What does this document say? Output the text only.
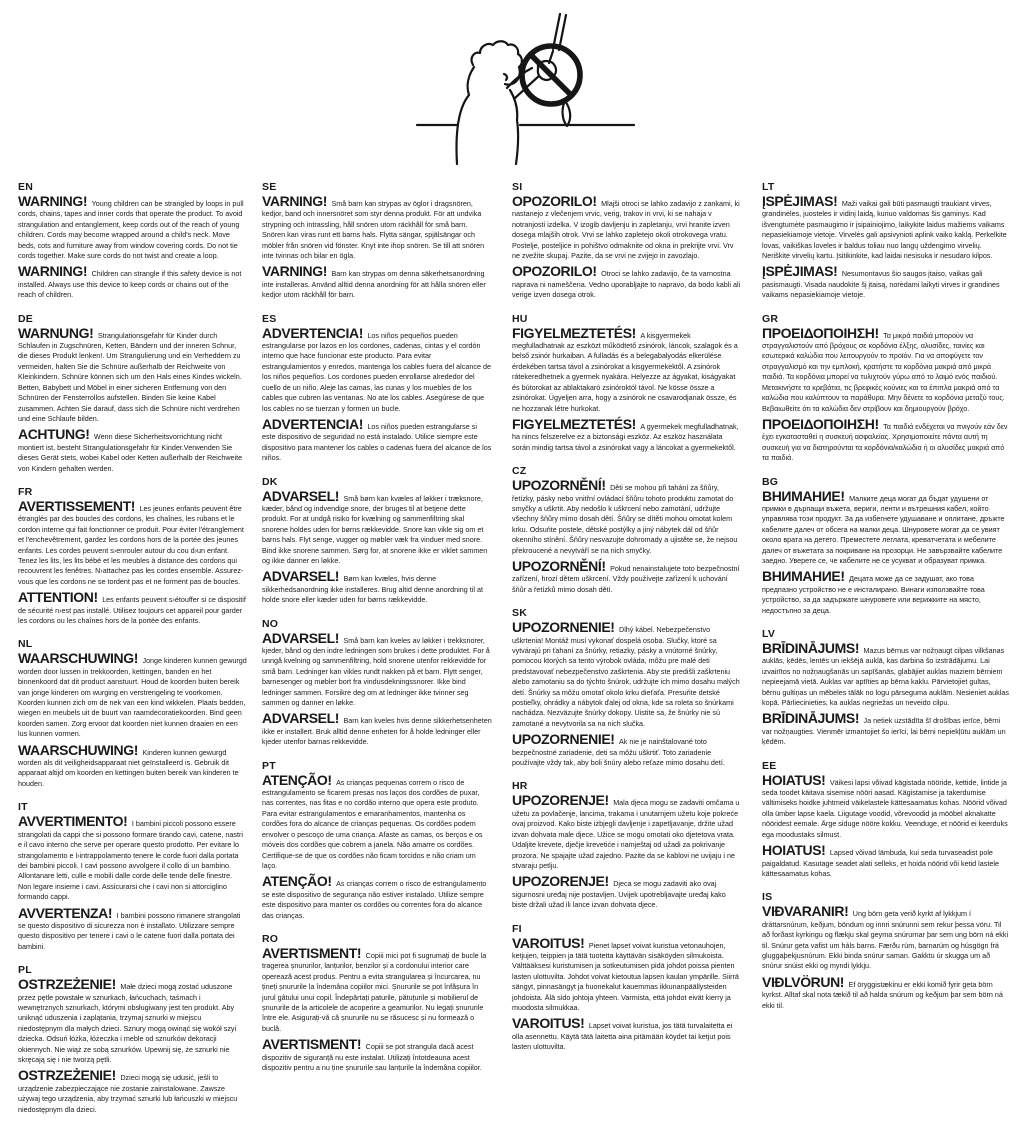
EN

WARNING! Young children can be strangled by loops in pull cords, chains, tapes and inner cords that operate the product. To avoid strangulation and entanglement, keep cords out of the reach of young children. Cords may become wrapped around a child's neck. Move beds, cots and furniture away from window covering cords. Do not tie cords together. Make sure cords do not twist and create a loop.

WARNING! Children can strangle if this safety device is not installed. Always use this device to keep cords or chains out of the reach of children.

DE

WARNUNG! Strangulationsgefahr für Kinder durch Schlaufen in Zugschnüren, Ketten, Bändern und der inneren Schnur, die dieses Produkt lenken!. Um Strangulierung und ein Verheddern zu vermeiden, halten Sie die Schnüre außerhalb der Reichweite von Kleinkindern. Schnüre können sich um den Hals eines Kindes wickeln. Betten, Babybett und Möbel in einer sicheren Entfernung von den Schnüren der Fensterrollos aufstellen. Binden Sie keine Kabel zusammen. Achten Sie darauf, dass sich die Schnüre nicht verdrehen und eine Schlaufe bilden.

ACHTUNG! Wenn diese Sicherheitsvorrichtung nicht montiert ist, besteht Strangulationsgefahr für Kinder.Verwenden Sie dieses Gerät stets, wobei Kabel oder Ketten außerhalb der Reichweite von Kindern gehalten werden.

FR

AVERTISSEMENT! Les jeunes enfants peuvent être étranglés par des boucles des cordons, les chaînes, les rubans et le cordon interne qui fait fonctionner ce produit. Pour éviter l'étranglement et l'enchevêtrement, gardez les cordons hors de la portée des jeunes enfants. Les cordes peuvent s›enrouler autour du cou d›un enfant. Tenez les lits, les lits bébé et les meubles à distance des cordons qui recouvrent les fenêtres. N›attachez pas les cordes ensemble. Assurez-vous que les cordons ne se tordent pas et ne forment pas de boucles.

ATTENTION! Les enfants peuvent s›étouffer si ce dispositif de sécurité n›est pas installé. Utilisez toujours cet appareil pour garder les cordons ou les chaînes hors de la portée des enfants.

NL

WAARSCHUWING! Jonge kinderen kunnen gewurgd worden door lussen in trekkoorden, kettingen, banden en het binnenkoord dat dit product aanstuurt. Houd de koorden buiten bereik van jonge kinderen om wurging en verstrengeling te voorkomen. Koorden kunnen zich om de nek van een kind wikkelen. Plaats bedden, wiegen en meubels uit de buurt van raamdecoratiekoorden. Bind geen koorden samen. Zorg ervoor dat koorden niet kunnen draaien en een lus kunnen vormen.

WAARSCHUWING! Kinderen kunnen gewurgd worden als dit veiligheidsapparaat niet geïnstalleerd is. Gebruik dit apparaat altijd om koorden en kettingen buiten bereik van kinderen te houden.

IT

AVVERTIMENTO! I bambini piccoli possono essere strangolati da cappi che si possono formare tirando cavi, catene, nastri e il cavo interno che serve per operare questo prodotto. Per evitare lo strangolamento e l›intrappolamento tenere le corde fuori dalla portata dei bambini piccoli. I cavi possono avvolgere il collo di un bambino. Allontanare letti, culle e mobili dalle corde delle tende delle finestre. Non legare insieme i cavi. Assicurarsi che i cavi non si attorciglino formando cappi.

AVVERTENZA! I bambini possono rimanere strangolati se questo dispositivo di sicurezza non è installato. Utilizzare sempre questo dispositivo per tenere i cavi o le catene fuori dalla portata dei bambini.

PL

OSTRZEŻENIE! Małe dzieci mogą zostać uduszone przez pętle powstałe w sznurkach, łańcuchach, taśmach i wewnętrznych sznurkach, którymi obsługiwany jest ten produkt. Aby uniknąć uduszenia i zaplątania, trzymaj sznurki w miejscu niedostępnym dla małych dzieci. Sznury mogą owinąć się wokół szyi dziecka. Odsuń łóżka, łóżeczka i meble od sznurków dekoracji okiennych. Nie wiąż ze sobą sznurków. Upewnij się, że sznurki nie skręcają się i nie tworzą pętli.

OSTRZEŻENIE! Dzieci mogą się udusić, jeśli to urządzenie zabezpieczające nie zostanie zainstalowane. Zawsze używaj tego urządzenia, aby trzymać sznurki lub łańcuszki w miejscu niedostępnym dla dzieci.

SE

VARNING! Små barn kan strypas av öglor i dragsnören, kedjor, band och innersnöret som styr denna produkt. För att undvika strypning och intrassling, håll snören utom räckhåll för små barn. Snören kan viras runt ett barns hals. Flytta sängar, spjälsängar och möbler från snören vid fönster. Knyt inte ihop snören. Se till att snören inte tvinnas och bilar en ögla.

VARNING! Barn kan strypas om denna säkerhetsanordning inte installeras. Använd alltid denna anordning för att hålla snören eller kedjor utom räckhåll för barn.

ES

ADVERTENCIA! Los niños pequeños pueden estrangularse por lazos en los cordones, cadenas, cintas y el cordón interno que hace funcionar este producto. Para evitar estrangulamientos y enredos, mantenga los cables fuera del alcance de los niños pequeños. Los cordones pueden enrollarse alrededor del cuello de un niño. Aleje las camas, las cunas y los muebles de los cables que cubren las ventanas. No ate los cables. Asegúrese de que los cables no se tuerzan y formen un bucle.

ADVERTENCIA! Los niños pueden estrangularse si este dispositivo de seguridad no está instalado. Utilice siempre este dispositivo para mantener los cables o cadenas fuera del alcance de los niños.

DK

ADVARSEL! Små børn kan kvæles af løkker i træksnore, kæder, bånd og indvendige snore, der bruges til at betjene dette produkt. For at undgå risiko for kvælning og sammenfiltring skal snorene holdes uden for børns rækkevidde. Snore kan vikle sig om et barns hals. Flyt senge, vugger og møbler væk fra vinduer med snore. Bind ikke snorene sammen. Sørg for, at snorene ikke er viklet sammen og ikke danner en løkke.

ADVARSEL! Børn kan kvæles, hvis denne sikkerhedsanordning ikke installeres. Brug altid denne anordning til at holde snore eller kæder uden for børns rækkevidde.

NO

ADVARSEL! Små barn kan kveles av løkker i trekksnorer, kjeder, bånd og den indre ledningen som brukes i dette produktet. For å unngå kvelning og sammenfiltring, hold snorene utenfor rekkevidde for små barn. Ledninger kan vikles rundt nakken på et barn. Flytt senger, barnesenger og møbler bort fra vindusdekningssnorer. Ikke bind ledninger sammen. Forsikre deg om at ledninger ikke tvinner seg sammen og danner en løkke.

ADVARSEL! Barn kan kveles hvis denne sikkerhetsenheten ikke er installert. Bruk alltid denne enheten for å holde ledninger eller kjeder utenfor barnas rekkevidde.

PT

ATENÇÃO! As crianças pequenas correm o risco de estrangulamento se ficarem presas nos laços dos cordões de puxar, nas correntes, nas fitas e no cordão interno que opera este produto. Para evitar estrangulamentos e emaranhamentos, mantenha os cordões fora do alcance de crianças pequenas. Os cordões podem envolver o pescoço de uma criança. Afaste as camas, os berços e os móveis dos cordões que cobrem a janela. Não amarre os cordões. Certifique-se de que os cordões não ficam torcidos e não criam um laço.

ATENÇÃO! As crianças correm o risco de estrangulamento se este dispositivo de segurança não estiver instalado. Utilize sempre este dispositivo para manter os cordões ou correntes fora do alcance das crianças.

RO

AVERTISMENT! Copiii mici pot fi sugrumați de bucle la tragerea șnururilor, lanțurilor, benzilor și a cordonului interior care operează acest produs. Pentru a evita strangularea și încurcarea, nu țineți șnururile la îndemâna copiilor mici. Șnururile se pot înfășura în jurul gâtului unui copil. Îndepărtați paturile, pătuțurile și mobilierul de șnururile de la articolele de acoperire a geamurilor. Nu legați șnururile între ele. Asigurați-vă că șnururile nu se răsucesc și nu formează o buclă.

AVERTISMENT! Copiii se pot strangula dacă acest dispozitiv de siguranță nu este instalat. Utilizați întotdeauna acest dispozitiv pentru a nu ține șnururile sau lanțurile la îndemâna copiilor.

SI

OPOZORILO! Mlajši otroci se lahko zadavijo z zankami, ki nastanejo z vlečenjem vrvic, verig, trakov in vrvi, ki se nahaja v notranjosti izdelka. V izogib davljenju in zapletanju, vrvi hranite izven dosega mlajših otrok. Vrvi se lahko zapletejo okoli otrokovega vratu. Postelje, posteljice in pohištvo odmaknite od okna in prekrijte vrvi. Vrv ne zvežite skupaj. Pazite, da se vrvi ne zvijejo in zavozlajo.

OPOZORILO! Otroci se lahko zadavijo, če ta varnostna naprava ni nameščena. Vedno uporabljajte to napravo, da bodo kabli ali verige izven dosega otrok.

HU

FIGYELMEZTETÉS! A kisgyermekek megfulladhatnak az eszközt működtető zsinórok, láncok, szalagok és a belső zsinór hurkaiban. A fulladás és a belegabalyodás elkerülése érdekében tartsa távol a zsinórokat a kisgyermekektől. A zsinórok rátekeredhetnek a gyermek nyakára. Helyezze az ágyakat, kiságyakat és bútorokat az ablaktakaró zsinóroktól távol. Ne kösse össze a zsinórokat. Ügyeljen arra, hogy a zsinórok ne csavarodjanak össze, és ne hozzanak létre hurkokat.

FIGYELMEZTETÉS! A gyermekek megfulladhatnak, ha nincs felszerelve ez a biztonsági eszköz. Az eszköz használata során mindig tartsa távol a zsinórokat vagy a láncokat a gyermekektől.

CZ

UPOZORNĚNÍ! Děti se mohou při tahání za šňůry, řetízky, pásky nebo vnitřní ovládací šňůru tohoto produktu zamotat do smyčky a uškrtit. Aby nedošlo k uškrcení nebo zamotání, udržujte všechny šňůry mimo dosah dětí. Šňůry se dítěti mohou omotat kolem krku. Odsuňte postele, dětské postýlky a jiný nábytek dál od šňůr okenního stínění. Šňůry nesvazujte dohromady a ujistěte se, že nejsou překroucené a nevytváří se na nich smyčky.

UPOZORNĚNÍ! Pokud nenainstalujete toto bezpečnostní zařízení, hrozí dětem uškrcení. Vždy používejte zařízení k uchování šňůr a řetízků mimo dosah dětí.

SK

UPOZORNENIE! Dlhý kábel. Nebezpečenstvo uškrtenia! Montáž musí vykonať dospelá osoba. Slučky, ktoré sa vytvárajú pri ťahaní za šnúrky, retiazky, pásky a vnútorné šnúrky, pomocou ktorých sa tento výrobok ovláda, môžu pre malé deti predstavovať nebezpečenstvo zaškrtenia. Aby ste predišli zaškrteniu alebo zamotaniu sa do týchto šnúrok, udržujte ich mimo dosahu malých detí. Šnúrky sa môžu omotať okolo krku dieťaťa. Presuňte detské postieľky, ohrádky a nábytok ďalej od okna, kde sa roleta so šnúrkami nachádza. Nezväzujte šnúrky dokopy. Uistite sa, že šnúrky nie sú zamotané a nevytvorila sa na nich slučka.

UPOZORNENIE! Ak nie je nainštalované toto bezpečnostné zariadenie, deti sa môžu uškrtiť. Toto zariadenie používajte vždy tak, aby boli šnúry alebo reťaze mimo dosahu detí.

HR

UPOZORENJE! Mala djeca mogu se zadaviti omčama u užetu za povlačenje, lancima, trakama i unutarnjem užetu koje pokreće ovaj proizvod. Kako biste izbjegli davljenje i zapetljavanje, držite užad izvan dohvata male djece. Užice se mogu omotati oko djetetova vrata. Udaljite krevete, dječje krevetiće i namještaj od užadi za pokrivanje prozora. Ne spajajte užad zajedno. Pazite da se kablovi ne uvijaju i ne stvaraju petlju.

UPOZORENJE! Djeca se mogu zadaviti ako ovaj sigurnosni uređaj nije postavljen. Uvijek upotrebljavajte uređaj kako biste držali užad ili lance izvan dohvata djece.

FI

VAROITUS! Pienet lapset voivat kuristua vetonauhojen, ketjujen, teippien ja tätä tuotetta käyttävän sisäköyden silmukoista. Välttääksesi kuristumisen ja sotkeutumisen pidä johdot poissa pienten lasten ulottuvilta. Johdot voivat kietoutua lapsen kaulan ympärille. Siirrä sängyt, pinnasängyt ja huonekalut kauemmas ikkunanpäällysteiden johdoista. Älä sido johtoja yhteen. Varmista, että johdot eivät kierry ja muodosta silmukkaa.

VAROITUS! Lapset voivat kuristua, jos tätä turvalaitetta ei olla asennettu. Käytä tätä laitetta aina pitämään köydet tai ketjut pois lasten ulottuvilta.

LT

ĮSPĖJIMAS! Maži vaikai gali būti pasmaugti traukiant virves, grandinėles, juosteles ir vidinį laidą, kuriuo valdomas šis gaminys. Kad išvengtumėte pasmaugimo ir įsipainiojimo, laikykite laidus mažiems vaikams nepasiekiamoje vietoje. Virvelės gali apsivynioti aplink vaiko kaklą. Perkelkite lovas, vaikiškas loveles ir baldus toliau nuo langų uždengimo virvelių. Neriškite virvelių kartu. Įsitikinkite, kad laidai nesisuka ir nesudaro kilpos.

ĮSPĖJIMAS! Nesumontavus šio saugos įtaiso, vaikas gali pasismaugti. Visada naudokite šį įtaisą, norėdami laikyti virves ir grandines vaikams nepasiekiamoje vietoje.

GR

ΠΡΟΕΙΔΟΠΟΙΗΣΗ! Τα μικρά παιδιά μπορούν να στραγγαλιστούν από βρόχους σε κορδόνια έλξης, αλυσίδες, ταινίες και εσωτερικά καλώδια που λειτουργούν το προϊόν. Για να αποφύγετε τον στραγγαλισμό και την εμπλοκή, κρατήστε τα κορδόνια μακριά από μικρά παιδιά. Τα κορδόνια μπορεί να τυλιχτούν γύρω από το λαιμό ενός παιδιού. Μετακινήστε τα κρεβάτια, τις βρεφικές κούνιες και τα έπιπλα μακριά από τα καλώδια που καλύπτουν τα παράθυρα. Μην δένετε τα κορδόνια μεταξύ τους. Βεβαιωθείτε ότι τα καλώδια δεν στρίβουν και δημιουργούν βρόχο.

ΠΡΟΕΙΔΟΠΟΙΗΣΗ! Τα παιδιά ενδέχεται να πνιγούν εάν δεν έχει εγκατασταθεί η συσκευή ασφαλείας. Χρησιμοποιείτε πάντα αυτή τη συσκευή για να διατηρούνται τα κορδόνια/καλώδια ή οι αλυσίδες μακριά από τα παιδιά.

BG

ВНИМАНИЕ! Малките деца могат да бъдат удушени от примки в дърпащи въжета, вериги, ленти и вътрешния кабел, който управлява този продукт. За да избегнете удушаване и оплитане, дръжте кабелите далеч от обсега на малки деца. Шнуровете могат да се увият около врата на детето. Преместете леглата, креватчетата и мебелите далеч от въжетата за покриване на прозорци. Не завързвайте кабелите заедно. Уверете се, че кабелите не се усукват и образуват примка.

ВНИМАНИЕ! Децата може да се задушат, ако това предпазно устройство не е инсталирано. Винаги използвайте това устройство, за да задържате шнуровете или верижките на място, недостъпно за деца.

LV

BRĪDINĀJUMS! Mazus bērnus var nožņaugt cilpas vilkšanas auklās, ķēdēs, lentēs un iekšējā auklā, kas darbina šo izstrādājumu. Lai izvairītos no nožņaugšanās un sapīšanās, glabājiet auklas maziem bērniem nepieejamā vietā. Auklas var aptīties ap bērna kaklu. Pārvietojiet gultas, bērnu gultiņas un mēbeles tālāk no logu pārseguma auklām. Nesieniet auklas kopā. Pārliecinieties, ka auklas negriežas un neveido cilpu.

BRĪDINĀJUMS! Ja netiek uzstādīta šī drošības ierīce, bērni var nožņaugties. Vienmēr izmantojiet šo ierīci, lai bērni nepiekļūtu auklām un ķēdēm.

EE

HOIATUS! Väikesi lapsi võivad kägistada nööride, kettide, lintide ja seda toodet käitava sisemise nööri aasad. Kägistamise ja takerdumise vältimiseks hoidke juhtmeid väikelastele kättesaamatus kohas. Nöörid võivad olla ümber lapse kaela. Liigutage voodid, võrevoodid ja mööbel aknakatte nööridest eemale. Ärge siduge nööre kokku. Veenduge, et nöörid ei keerduks ega moodustaks silmust.

HOIATUS! Lapsed võivad lämbuda, kui seda turvaseadist pole paigaldatud. Kasutage seadet alati selleks, et hoida nöörid või ketid lastele kättesaamatus kohas.

IS

VIÐVARANIR! Ung börn geta verið kyrkt af lykkjum í dráttarsnúrum, keðjum, böndum og innri snúrunni sem rekur þessa vöru. Til að forðast kyrkingu og flækju skal geyma snúrurnar þar sem ung börn ná ekki til. Snúrur geta vafist um háls barns. Færðu rúm, barnarúm og húsgögn frá gluggaþekjusnúrum. Ekki binda snúrur saman. Gakktu úr skugga um að snúrur snúist ekki og myndi lykkju.

VIÐLVÖRUN! Ef öryggistækinu er ekki komið fyrir geta börn kyrkst. Alltaf skal nota tækið til að halda snúrum og keðjum þar sem börn ná ekki til.
